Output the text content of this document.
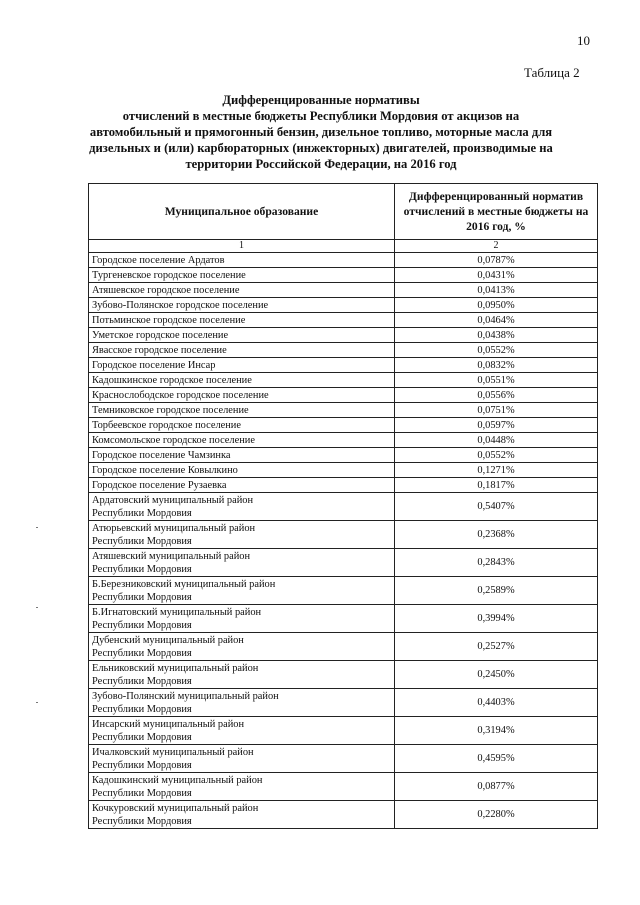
10
Таблица 2
Дифференцированные нормативы
отчислений в местные бюджеты Республики Мордовия от акцизов на
автомобильный и прямогонный бензин, дизельное топливо, моторные масла для
дизельных и (или) карбюраторных (инжекторных) двигателей, производимые на
территории Российской Федерации, на 2016 год
Муниципальное образование	Дифференцированный норматив отчислений в местные бюджеты на 2016 год, %
1	2
Городское поселение Ардатов	0,0787%
Тургеневское городское поселение	0,0431%
Атяшевское городское поселение	0,0413%
Зубово-Полянское городское поселение	0,0950%
Потьминское городское поселение	0,0464%
Уметское городское поселение	0,0438%
Явасское городское поселение	0,0552%
Городское поселение Инсар	0,0832%
Кадошкинское городское поселение	0,0551%
Краснослободское городское поселение	0,0556%
Темниковское городское поселение	0,0751%
Торбеевское городское поселение	0,0597%
Комсомольское городское поселение	0,0448%
Городское поселение Чамзинка	0,0552%
Городское поселение Ковылкино	0,1271%
Городское поселение Рузаевка	0,1817%

Ардатовский муниципальный район
Республики Мордовия	0,5407%

Атюрьевский муниципальный район
Республики Мордовия	0,2368%

Атяшевский муниципальный район
Республики Мордовия	0,2843%

Б.Березниковский муниципальный район
Республики Мордовия	0,2589%

Б.Игнатовский муниципальный район
Республики Мордовия	0,3994%

Дубенский муниципальный район
Республики Мордовия	0,2527%

Ельниковский муниципальный район
Республики Мордовия	0,2450%

Зубово-Полянский муниципальный район
Республики Мордовия	0,4403%

Инсарский муниципальный район
Республики Мордовия	0,3194%

Ичалковский муниципальный район
Республики Мордовия	0,4595%

Кадошкинский муниципальный район
Республики Мордовия	0,0877%

Кочкуровский муниципальный район
Республики Мордовия	0,2280%
